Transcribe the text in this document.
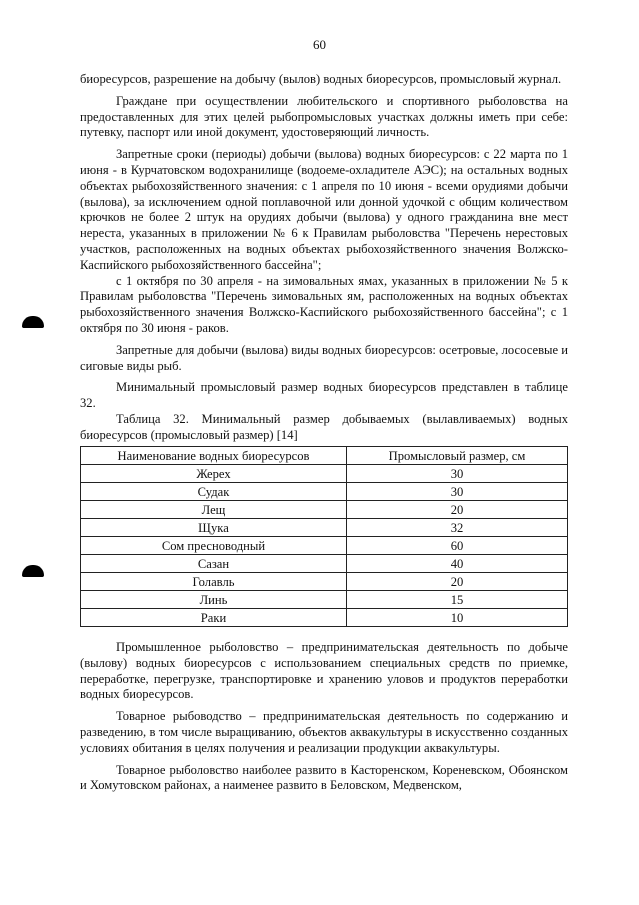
60

биоресурсов, разрешение на добычу (вылов) водных биоресурсов, промысловый журнал.

Граждане при осуществлении любительского и спортивного рыболовства на предоставленных для этих целей рыбопромысловых участках должны иметь при себе: путевку, паспорт или иной документ, удостоверяющий личность.

Запретные сроки (периоды) добычи (вылова) водных биоресурсов: с 22 марта по 1 июня - в Курчатовском водохранилище (водоеме-охладителе АЭС); на остальных водных объектах рыбохозяйственного значения: с 1 апреля по 10 июня - всеми орудиями добычи (вылова), за исключением одной поплавочной или донной удочкой с общим количеством крючков не более 2 штук на орудиях добычи (вылова) у одного гражданина вне мест нереста, указанных в приложении № 6 к Правилам рыболовства "Перечень нерестовых участков, расположенных на водных объектах рыбохозяйственного значения Волжско-Каспийского рыбохозяйственного бассейна";

с 1 октября по 30 апреля - на зимовальных ямах, указанных в приложении № 5 к Правилам рыболовства "Перечень зимовальных ям, расположенных на водных объектах рыбохозяйственного значения Волжско-Каспийского рыбохозяйственного бассейна"; с 1 октября по 30 июня - раков.

Запретные для добычи (вылова) виды водных биоресурсов: осетровые, лососевые и сиговые виды рыб.

Минимальный промысловый размер водных биоресурсов представлен в таблице 32.

Таблица 32. Минимальный размер добываемых (вылавливаемых) водных биоресурсов (промысловый размер) [14]

Наименование водных биоресурсов	Промысловый размер, см
Жерех	30
Судак	30
Лещ	20
Щука	32
Сом пресноводный	60
Сазан	40
Голавль	20
Линь	15
Раки	10

Промышленное рыболовство – предпринимательская деятельность по добыче (вылову) водных биоресурсов с использованием специальных средств по приемке, переработке, перегрузке, транспортировке и хранению уловов и продуктов переработки водных биоресурсов.

Товарное рыбоводство – предпринимательская деятельность по содержанию и разведению, в том числе выращиванию, объектов аквакультуры в искусственно созданных условиях обитания в целях получения и реализации продукции аквакультуры.

Товарное рыболовство наиболее развито в Касторенском, Кореневском, Обоянском и Хомутовском районах, а наименее развито в Беловском, Медвенском,
